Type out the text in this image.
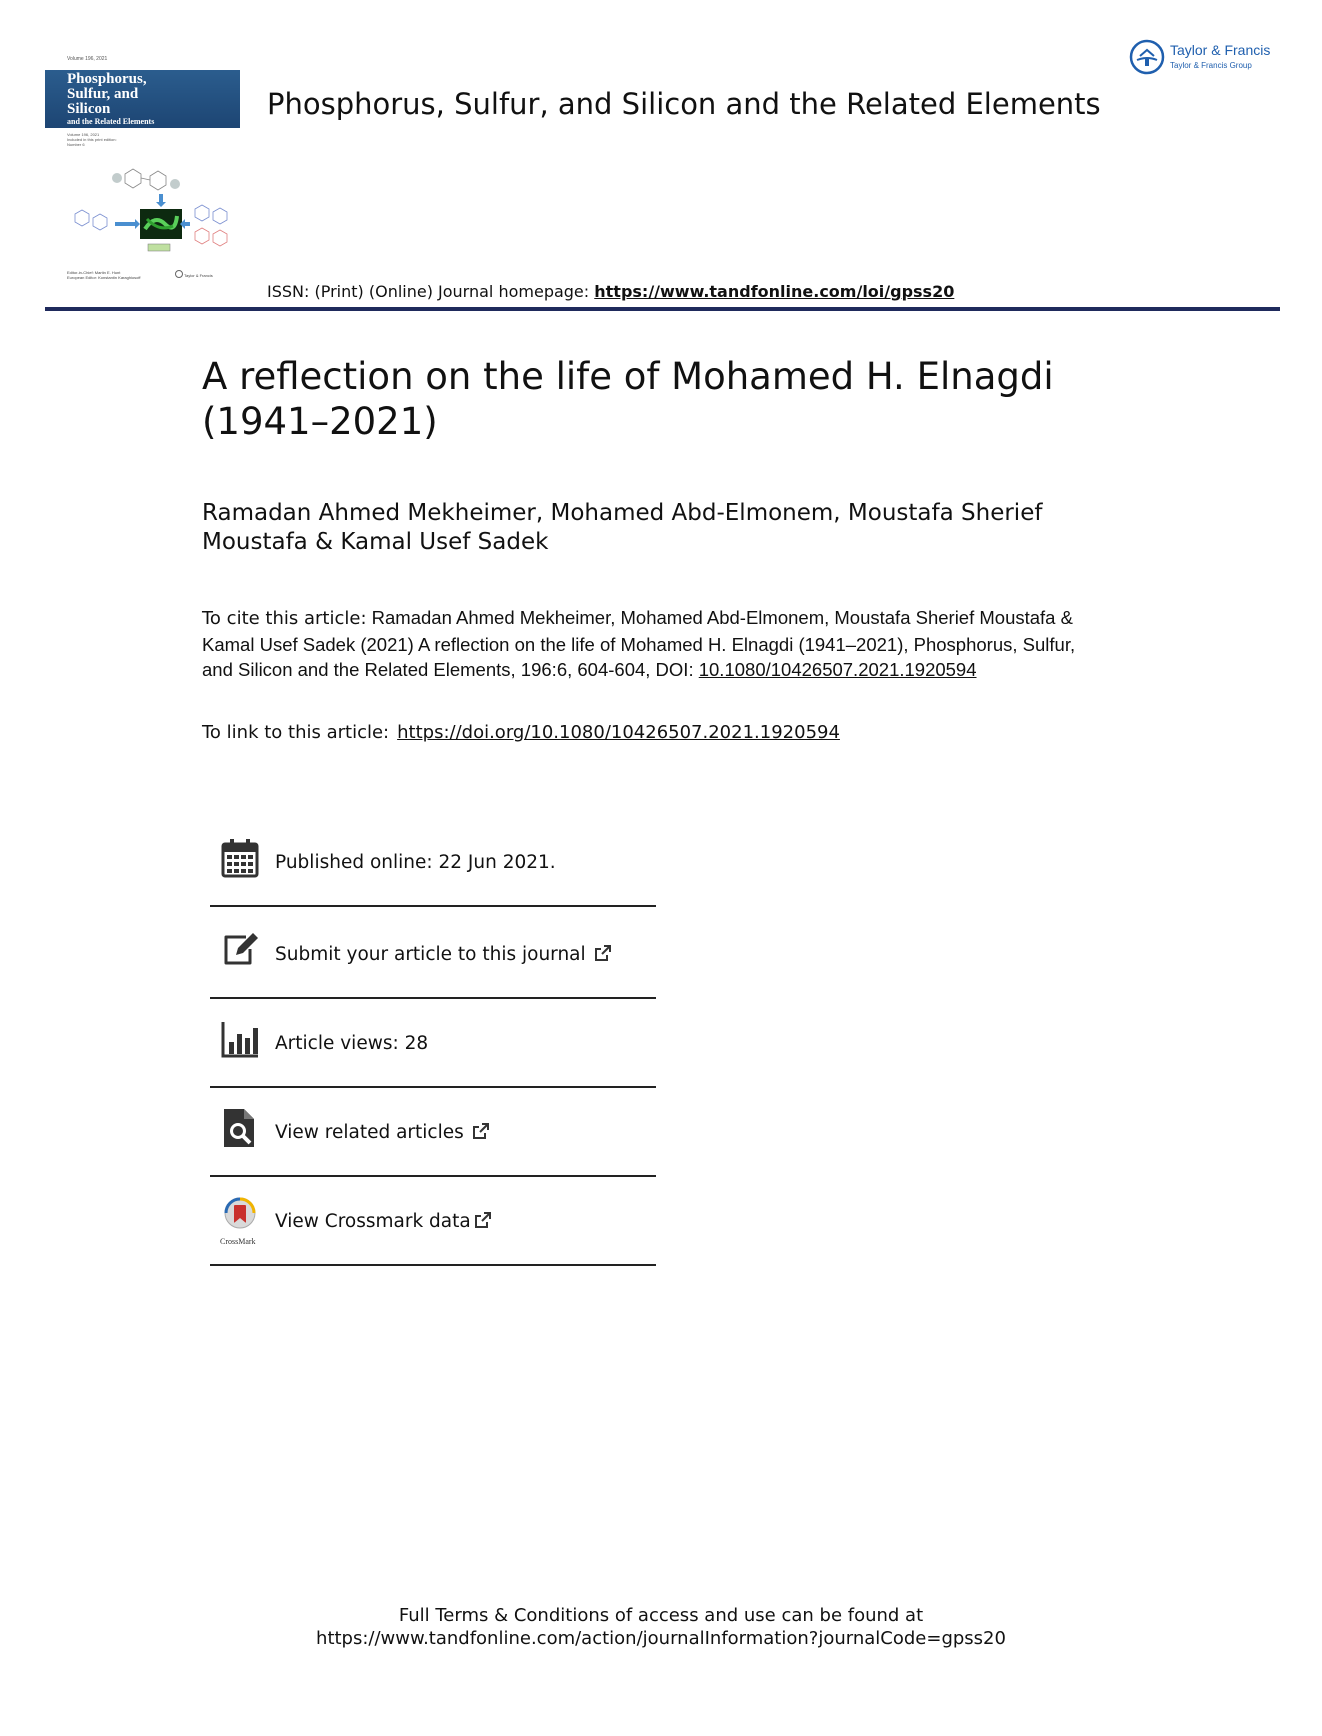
Volume 196, 2021
Phosphorus,
Sulfur, and
Silicon
and the Related Elements
Volume 196, 2021
Included in this print edition:
Number 6
Editor-in-Chief: Martin E. Hunt
European Editor: Konstantin Karaghiosoff	Taylor & Francis
Phosphorus, Sulfur, and Silicon and the Related Elements
Taylor & Francis
Taylor & Francis Group
ISSN: (Print) (Online) Journal homepage: https://www.tandfonline.com/loi/gpss20
A reflection on the life of Mohamed H. Elnagdi (1941–2021)
Ramadan Ahmed Mekheimer, Mohamed Abd-Elmonem, Moustafa Sherief Moustafa & Kamal Usef Sadek
To cite this article: Ramadan Ahmed Mekheimer, Mohamed Abd-Elmonem, Moustafa Sherief Moustafa & Kamal Usef Sadek (2021) A reflection on the life of Mohamed H. Elnagdi (1941–2021), Phosphorus, Sulfur, and Silicon and the Related Elements, 196:6, 604-604, DOI: 10.1080/10426507.2021.1920594
To link to this article: https://doi.org/10.1080/10426507.2021.1920594
Published online: 22 Jun 2021.
Submit your article to this journal
Article views: 28
View related articles
CrossMark
View Crossmark data
Full Terms & Conditions of access and use can be found at
https://www.tandfonline.com/action/journalInformation?journalCode=gpss20
